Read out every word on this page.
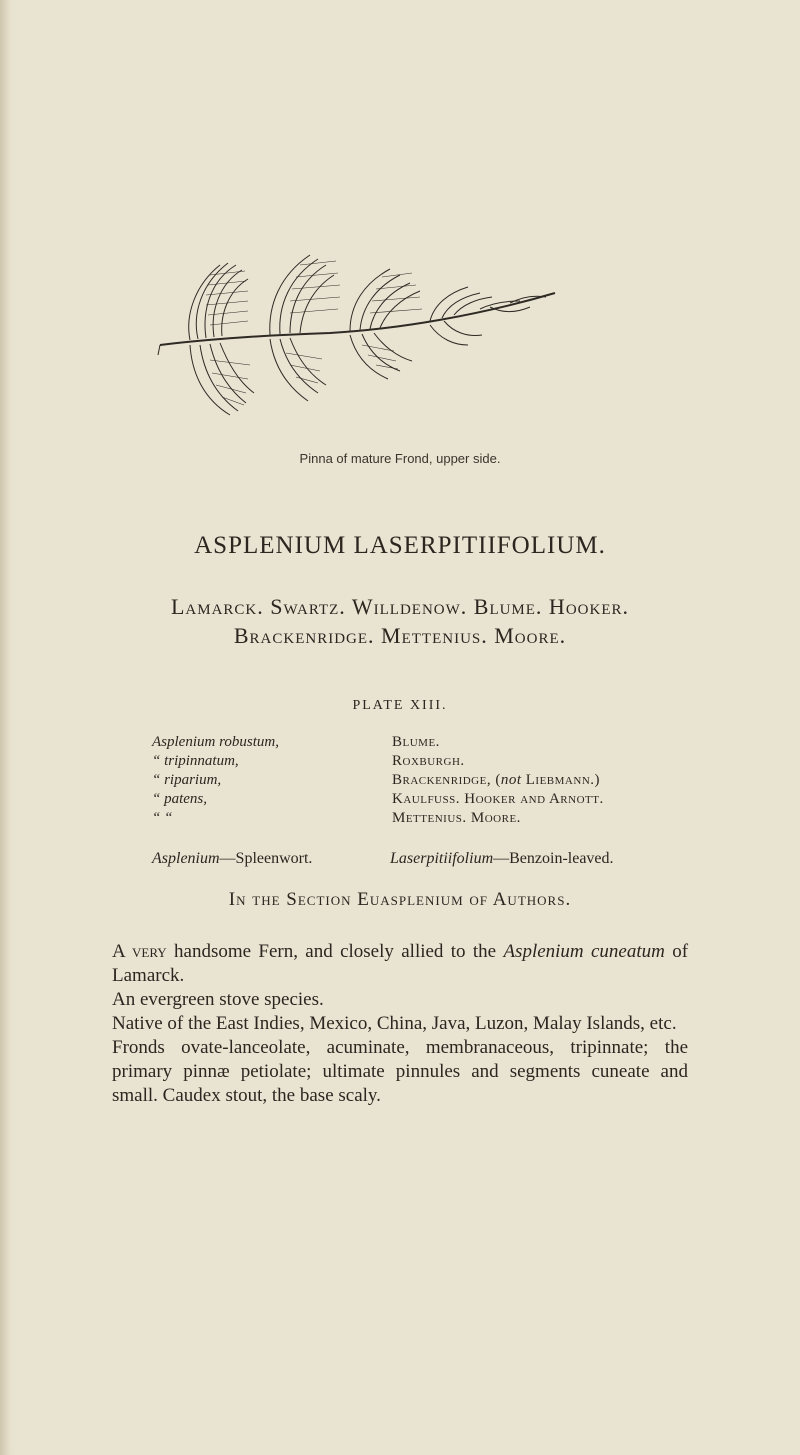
Pinna of mature Frond, upper side.
ASPLENIUM LASERPITIIFOLIUM.
Lamarck. Swartz. Willdenow. Blume. Hooker.
Brackenridge. Mettenius. Moore.
PLATE XIII.
Asplenium robustum,
“ tripinnatum,
“ riparium,
“ patens,
“ “
Blume.
Roxburgh.
Brackenridge, (not Liebmann.)
Kaulfuss. Hooker and Arnott.
Mettenius. Moore.
Asplenium—Spleenwort.	Laserpitiifolium—Benzoin-leaved.
In the Section Euasplenium of Authors.

A very handsome Fern, and closely allied to the Asplenium cuneatum of Lamarck.

An evergreen stove species.

Native of the East Indies, Mexico, China, Java, Luzon, Malay Islands, etc.

Fronds ovate-lanceolate, acuminate, membranaceous, tripinnate; the primary pinnæ petiolate; ultimate pinnules and segments cuneate and small. Caudex stout, the base scaly.
